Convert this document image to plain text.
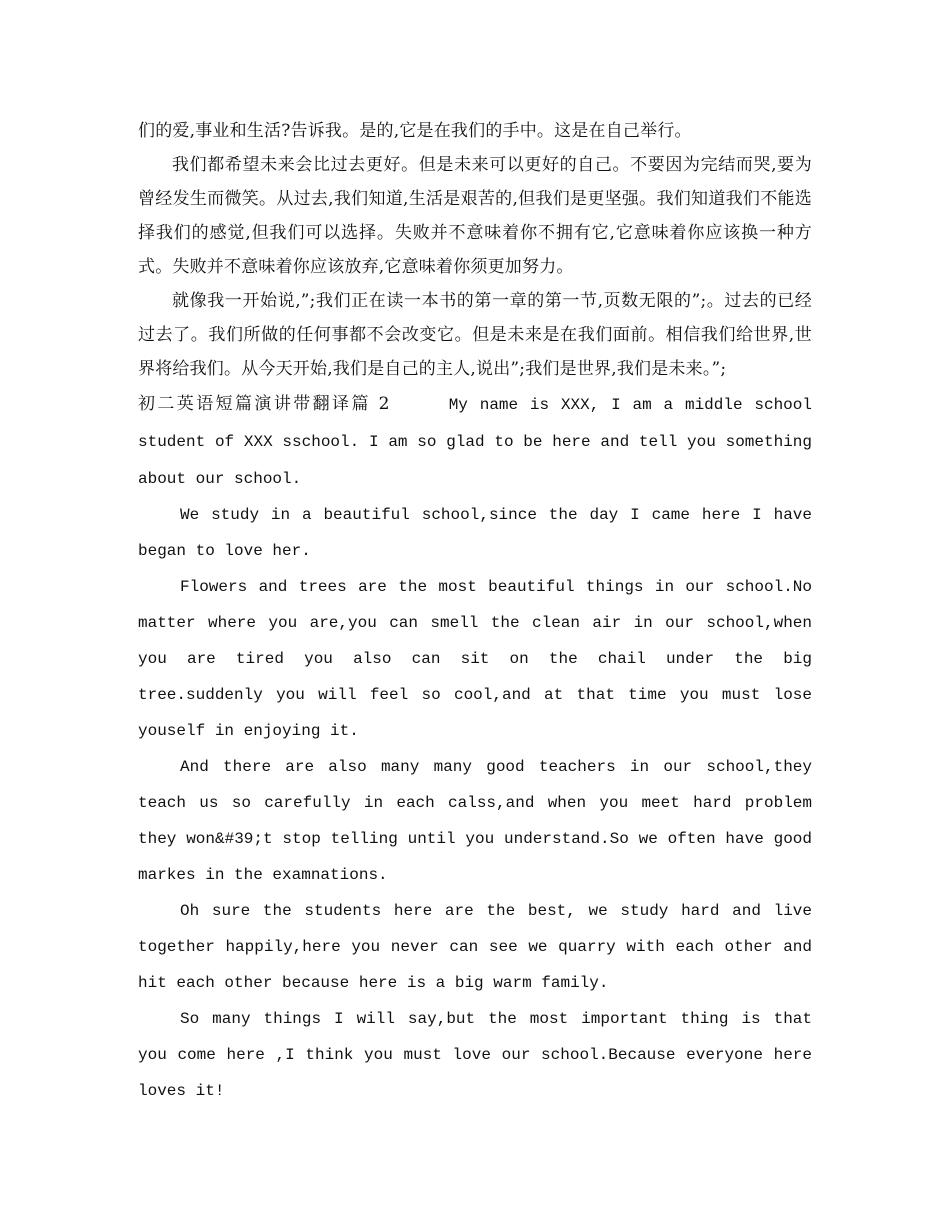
们的爱,事业和生活?告诉我。是的,它是在我们的手中。这是在自己举行。

我们都希望未来会比过去更好。但是未来可以更好的自己。不要因为完结而哭,要为曾经发生而微笑。从过去,我们知道,生活是艰苦的,但我们是更坚强。我们知道我们不能选择我们的感觉,但我们可以选择。失败并不意味着你不拥有它,它意味着你应该换一种方式。失败并不意味着你应该放弃,它意味着你须更加努力。

就像我一开始说,”;我们正在读一本书的第一章的第一节,页数无限的”;。过去的已经过去了。我们所做的任何事都不会改变它。但是未来是在我们面前。相信我们给世界,世界将给我们。从今天开始,我们是自己的主人,说出”;我们是世界,我们是未来。”;

初二英语短篇演讲带翻译篇 2	My name is XXX, I am a middle school student of XXX sschool. I am so glad to be here and tell you something about our school.

We study in a beautiful school,since the day I came here I have began to love her.

Flowers and trees are the most beautiful things in our school.No matter where you are,you can smell the clean air in our school,when you are tired you also can sit on the chail under the big tree.suddenly you will feel so cool,and at that time you must lose youself in enjoying it.

And there are also many many good teachers in our school,they teach us so carefully in each calss,and when you meet hard problem they won&#39;t stop telling until you understand.So we often have good markes in the examnations.

Oh sure the students here are the best, we study hard and live together happily,here you never can see we quarry with each other and hit each other because here is a big warm family.

So many things I will say,but the most important thing is that you come here ,I think you must love our school.Because everyone here loves it!
